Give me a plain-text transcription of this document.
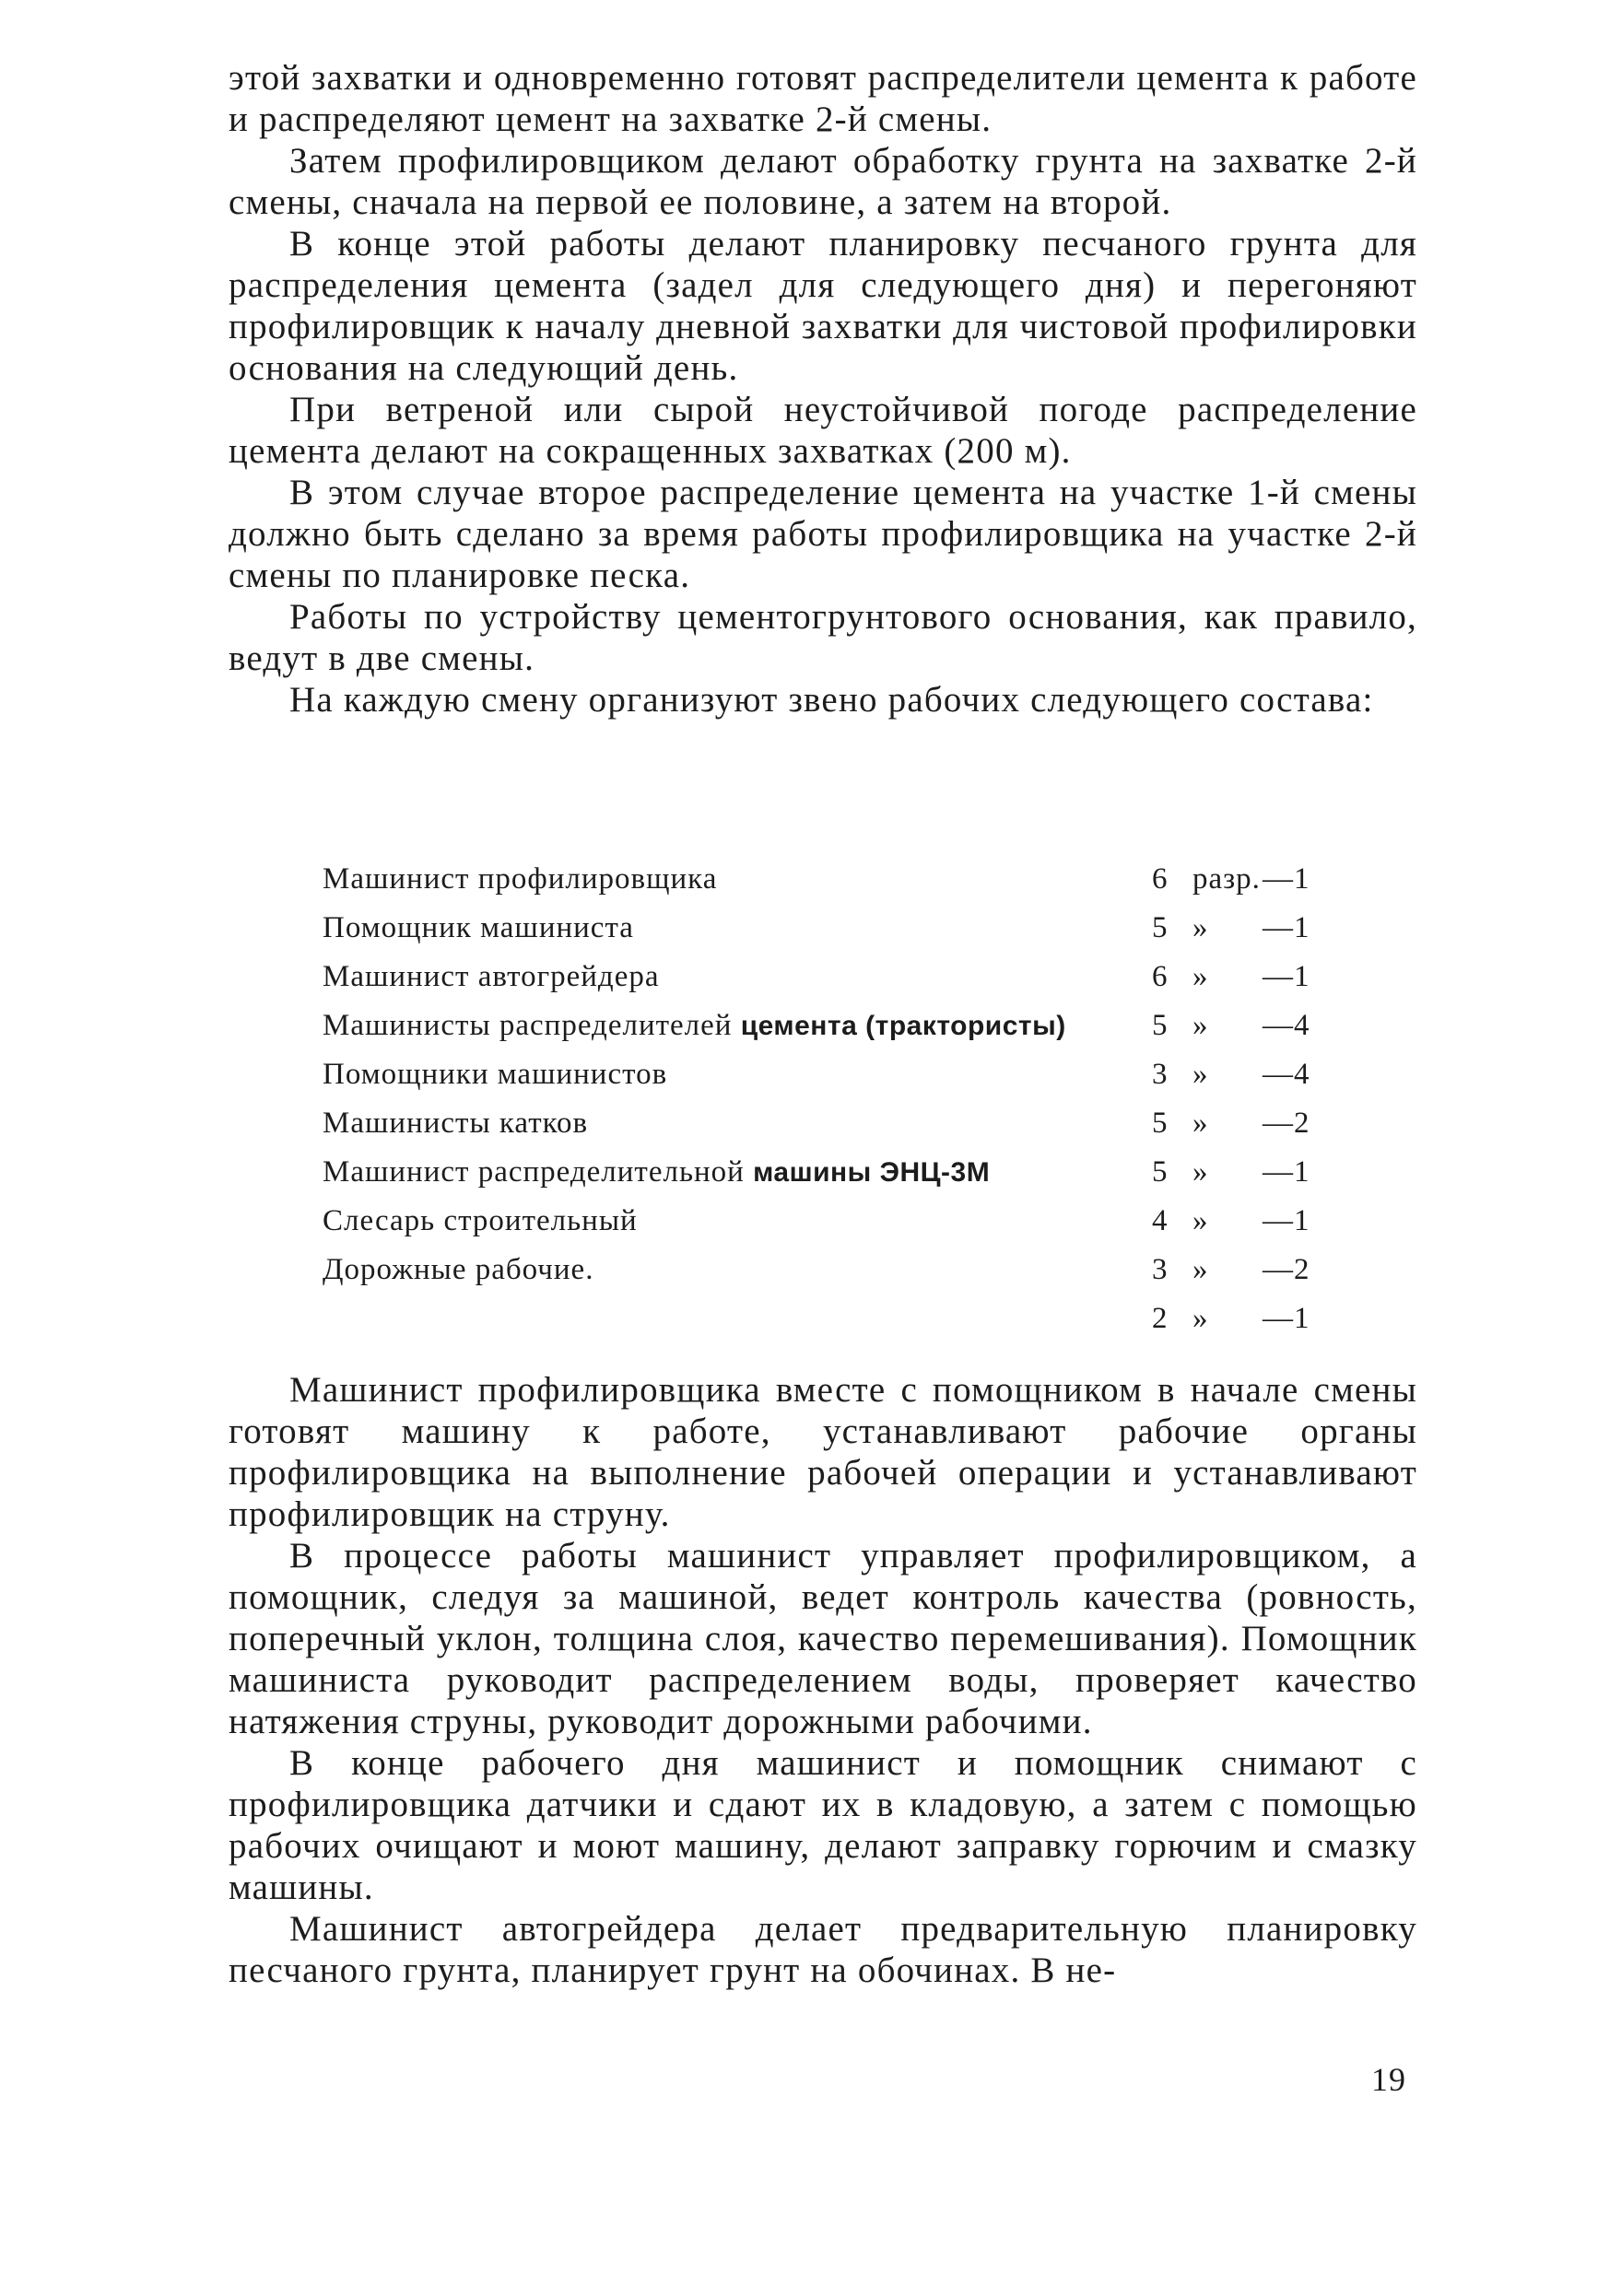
этой захватки и одновременно готовят распределители цемента к работе и распределяют цемент на захватке 2-й смены.

Затем профилировщиком делают обработку грунта на захватке 2-й смены, сначала на первой ее половине, а затем на второй.

В конце этой работы делают планировку песчаного грунта для распределения цемента (задел для следующего дня) и перегоняют профилировщик к началу дневной захватки для чистовой профилировки основания на следующий день.

При ветреной или сырой неустойчивой погоде распределение цемента делают на сокращенных захватках (200 м).

В этом случае второе распределение цемента на участке 1-й смены должно быть сделано за время работы профилировщика на участке 2-й смены по планировке песка.

Работы по устройству цементогрунтового основания, как правило, ведут в две смены.

На каждую смену организуют звено рабочих следующего состава:

Машинист профилировщика	6	разр.	—1
Помощник машиниста	5	»	—1
Машинист автогрейдера	6	»	—1
Машинисты распределителей цемента (трактористы)	5	»	—4
Помощники машинистов	3	»	—4
Машинисты катков	5	»	—2
Машинист распределительной машины ЭНЦ-3М	5	»	—1
Слесарь строительный	4	»	—1
Дорожные рабочие.	3	»	—2
	2	»	—1

Машинист профилировщика вместе с помощником в начале смены готовят машину к работе, устанавливают рабочие органы профилировщика на выполнение рабочей операции и устанавливают профилировщик на струну.

В процессе работы машинист управляет профилировщиком, а помощник, следуя за машиной, ведет контроль качества (ровность, поперечный уклон, толщина слоя, качество перемешивания). Помощник машиниста руководит распределением воды, проверяет качество натяжения струны, руководит дорожными рабочими.

В конце рабочего дня машинист и помощник снимают с профилировщика датчики и сдают их в кладовую, а затем с помощью рабочих очищают и моют машину, делают заправку горючим и смазку машины.

Машинист автогрейдера делает предварительную планировку песчаного грунта, планирует грунт на обочинах. В не-

19
